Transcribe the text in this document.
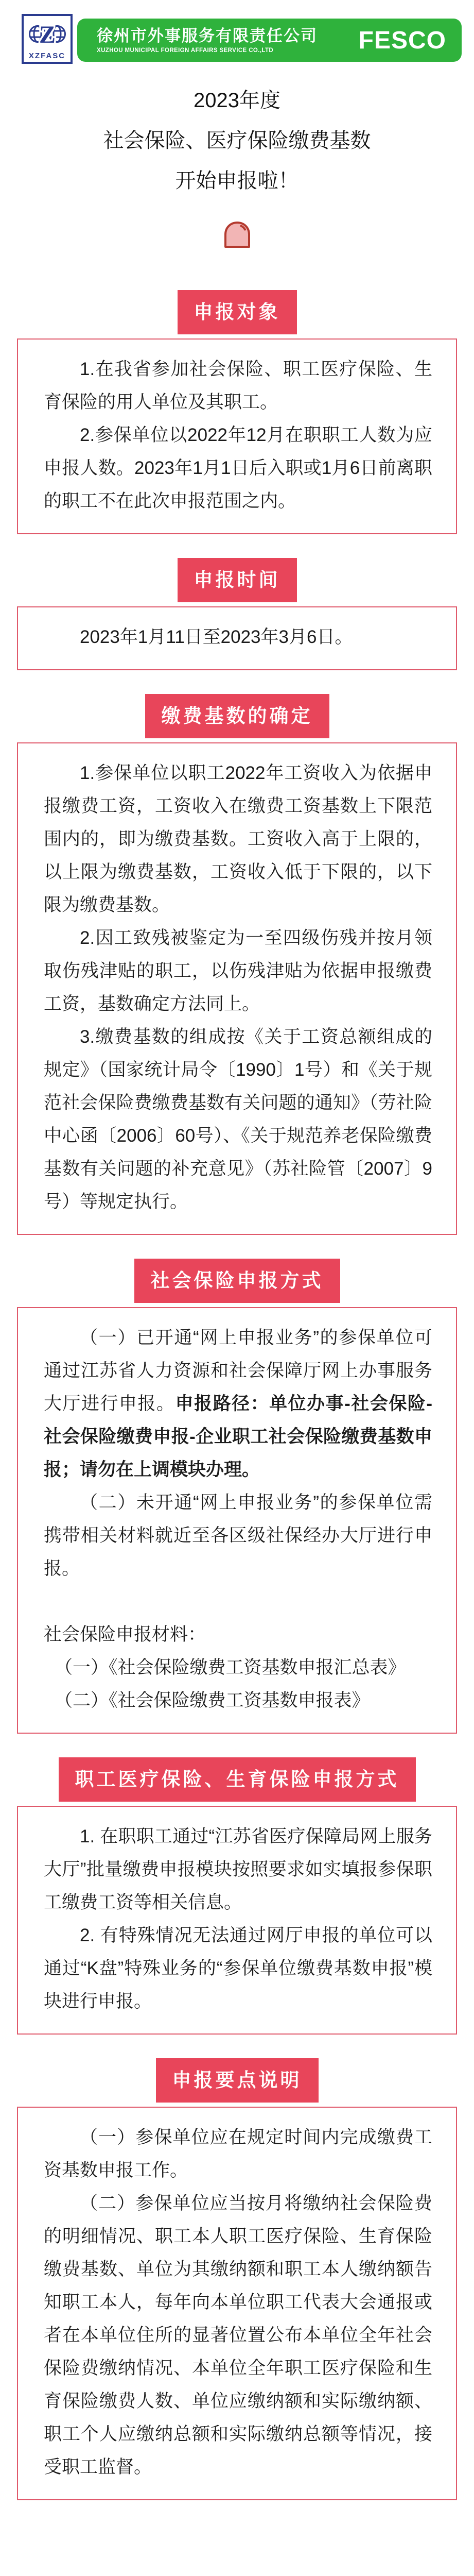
Z
XZFASC
徐州市外事服务有限责任公司
XUZHOU MUNICIPAL FOREIGN AFFAIRS SERVICE CO.,LTD	FESCO
2023年度
社会保险、医疗保险缴费基数
开始申报啦！
申报对象

1.在我省参加社会保险、职工医疗保险、生育保险的用人单位及其职工。

2.参保单位以2022年12月在职职工人数为应申报人数。2023年1月1日后入职或1月6日前离职的职工不在此次申报范围之内。

申报时间

2023年1月11日至2023年3月6日。

缴费基数的确定

1.参保单位以职工2022年工资收入为依据申报缴费工资，工资收入在缴费工资基数上下限范围内的，即为缴费基数。工资收入高于上限的，以上限为缴费基数，工资收入低于下限的，以下限为缴费基数。

2.因工致残被鉴定为一至四级伤残并按月领取伤残津贴的职工，以伤残津贴为依据申报缴费工资，基数确定方法同上。

3.缴费基数的组成按《关于工资总额组成的规定》（国家统计局令〔1990〕1号）和《关于规范社会保险费缴费基数有关问题的通知》（劳社险中心函〔2006〕60号）、《关于规范养老保险缴费基数有关问题的补充意见》（苏社险管〔2007〕9号）等规定执行。

社会保险申报方式

（一）已开通“网上申报业务”的参保单位可通过江苏省人力资源和社会保障厅网上办事服务大厅进行申报。申报路径：单位办事-社会保险-社会保险缴费申报-企业职工社会保险缴费基数申报；请勿在上调模块办理。

（二）未开通“网上申报业务”的参保单位需携带相关材料就近至各区级社保经办大厅进行申报。

社会保险申报材料：

（一）《社会保险缴费工资基数申报汇总表》

（二）《社会保险缴费工资基数申报表》

职工医疗保险、生育保险申报方式

1. 在职职工通过“江苏省医疗保障局网上服务大厅”批量缴费申报模块按照要求如实填报参保职工缴费工资等相关信息。

2. 有特殊情况无法通过网厅申报的单位可以通过“K盘”特殊业务的“参保单位缴费基数申报”模块进行申报。

申报要点说明

（一）参保单位应在规定时间内完成缴费工资基数申报工作。

（二）参保单位应当按月将缴纳社会保险费的明细情况、职工本人职工医疗保险、生育保险缴费基数、单位为其缴纳额和职工本人缴纳额告知职工本人，每年向本单位职工代表大会通报或者在本单位住所的显著位置公布本单位全年社会保险费缴纳情况、本单位全年职工医疗保险和生育保险缴费人数、单位应缴纳额和实际缴纳额、职工个人应缴纳总额和实际缴纳总额等情况，接受职工监督。
